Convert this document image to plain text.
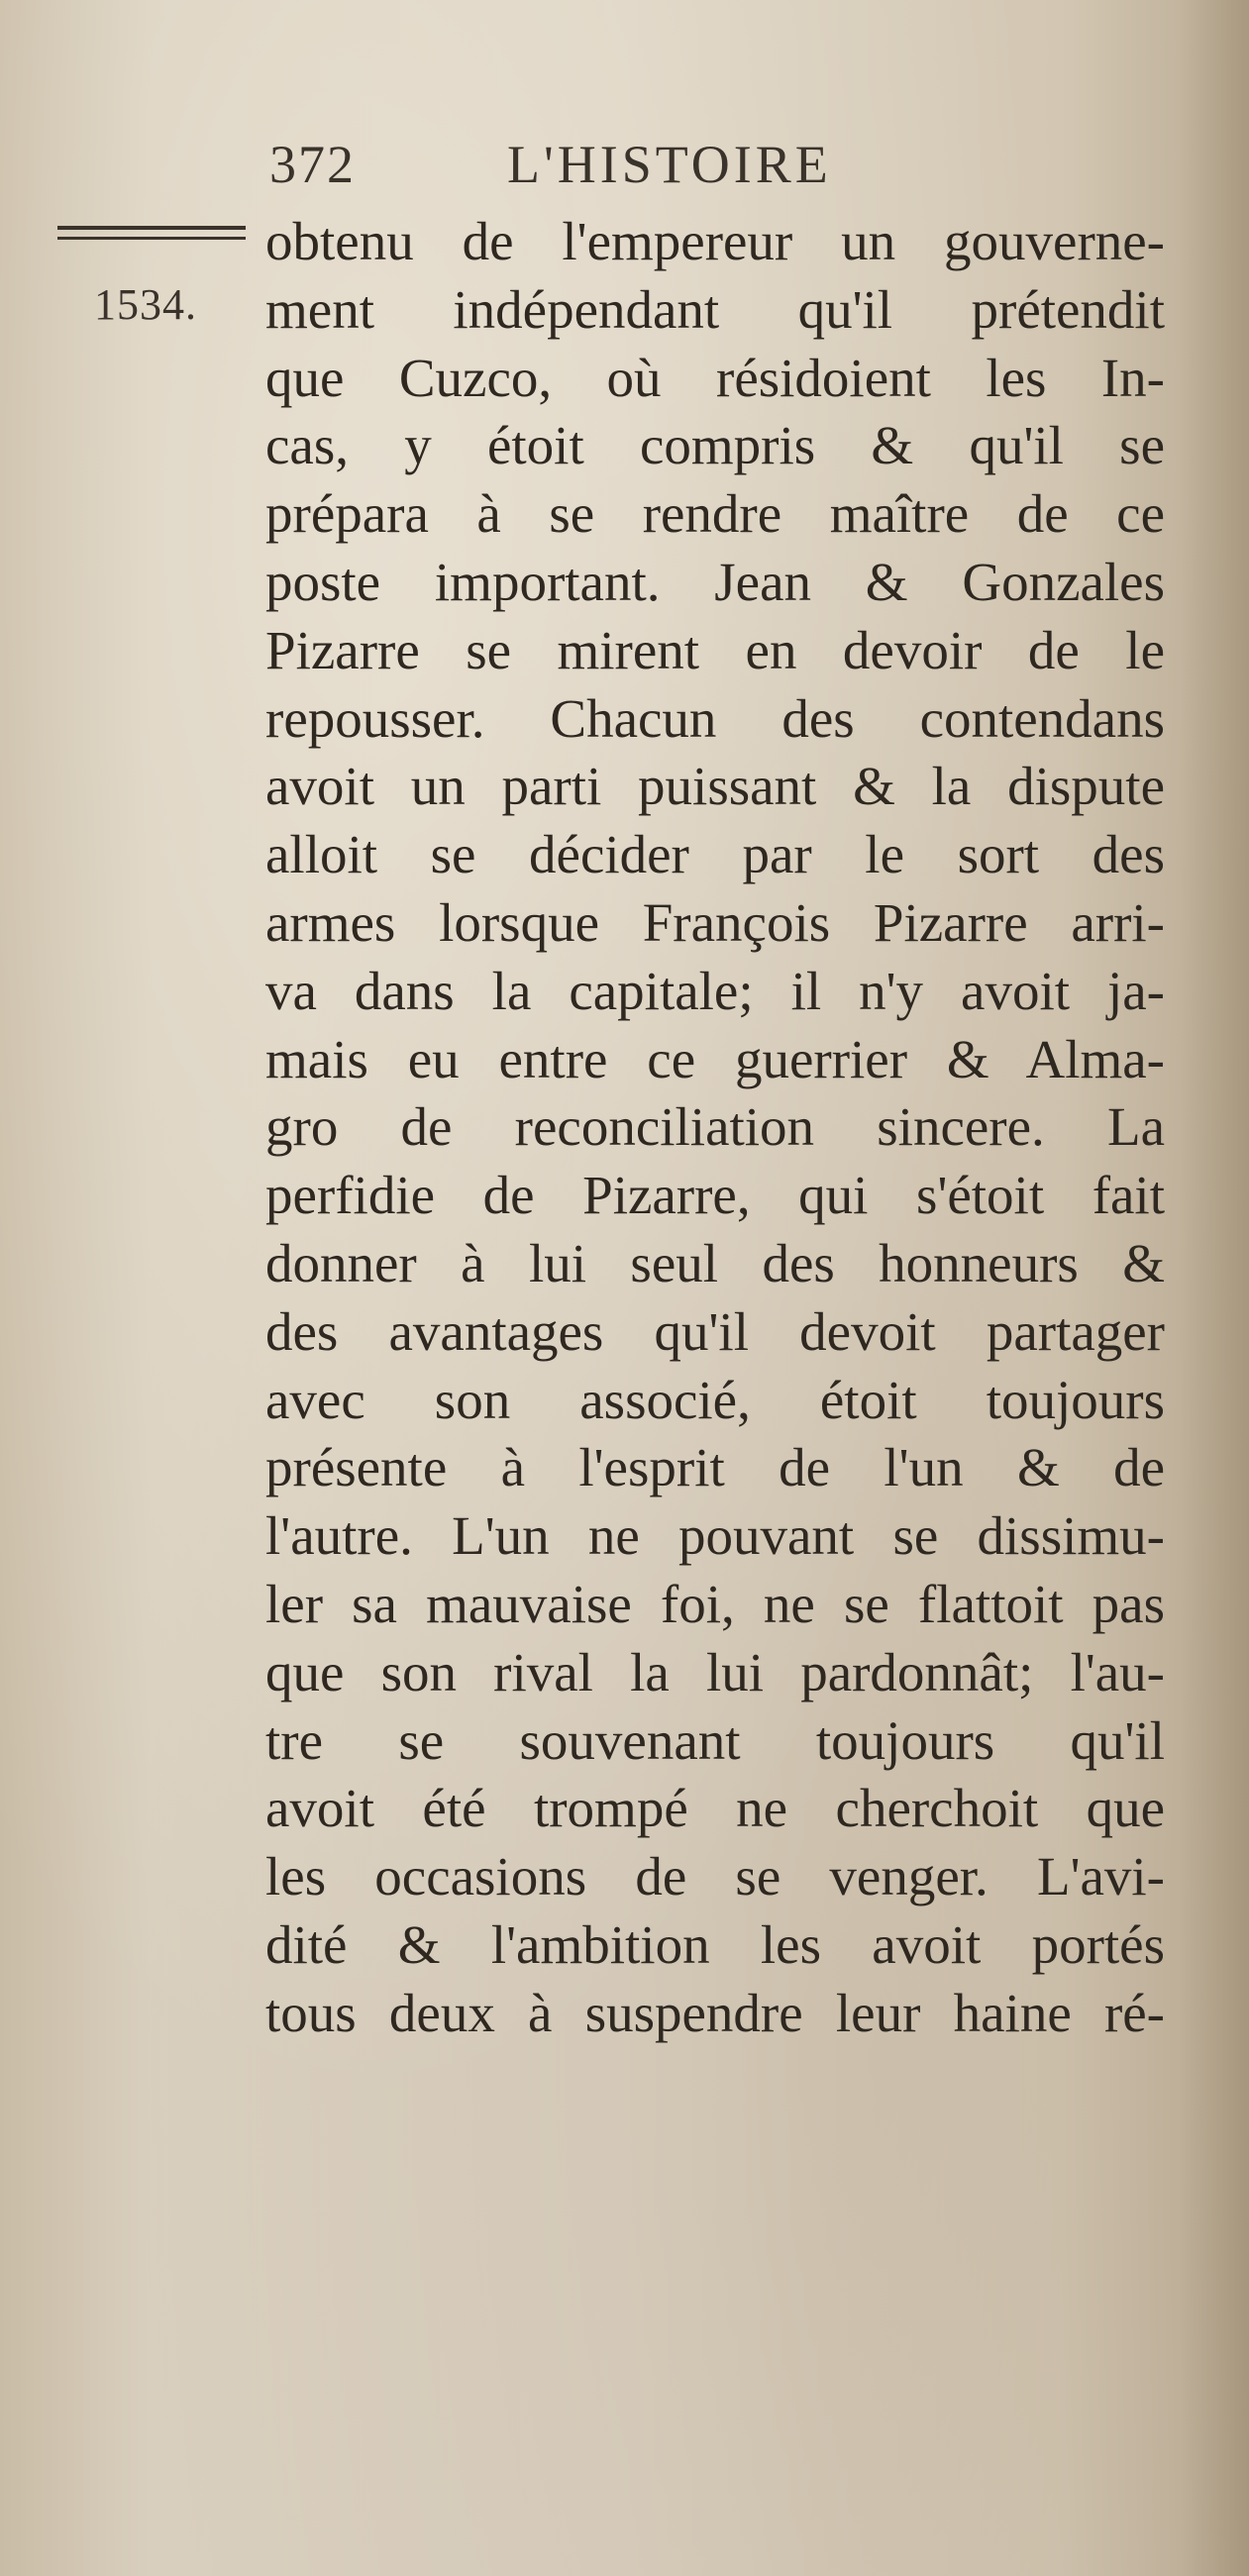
372	L'HISTOIRE
1534.
obtenu de l'empereur un gouverne-
ment indépendant qu'il prétendit
que Cuzco, où résidoient les In-
cas, y étoit compris & qu'il se
prépara à se rendre maître de ce
poste important. Jean & Gonzales
Pizarre se mirent en devoir de le
repousser. Chacun des contendans
avoit un parti puissant & la dispute
alloit se décider par le sort des
armes lorsque François Pizarre arri-
va dans la capitale; il n'y avoit ja-
mais eu entre ce guerrier & Alma-
gro de reconciliation sincere. La
perfidie de Pizarre, qui s'étoit fait
donner à lui seul des honneurs &
des avantages qu'il devoit partager
avec son associé, étoit toujours
présente à l'esprit de l'un & de
l'autre. L'un ne pouvant se dissimu-
ler sa mauvaise foi, ne se flattoit pas
que son rival la lui pardonnât; l'au-
tre se souvenant toujours qu'il
avoit été trompé ne cherchoit que
les occasions de se venger. L'avi-
dité & l'ambition les avoit portés
tous deux à suspendre leur haine ré-
